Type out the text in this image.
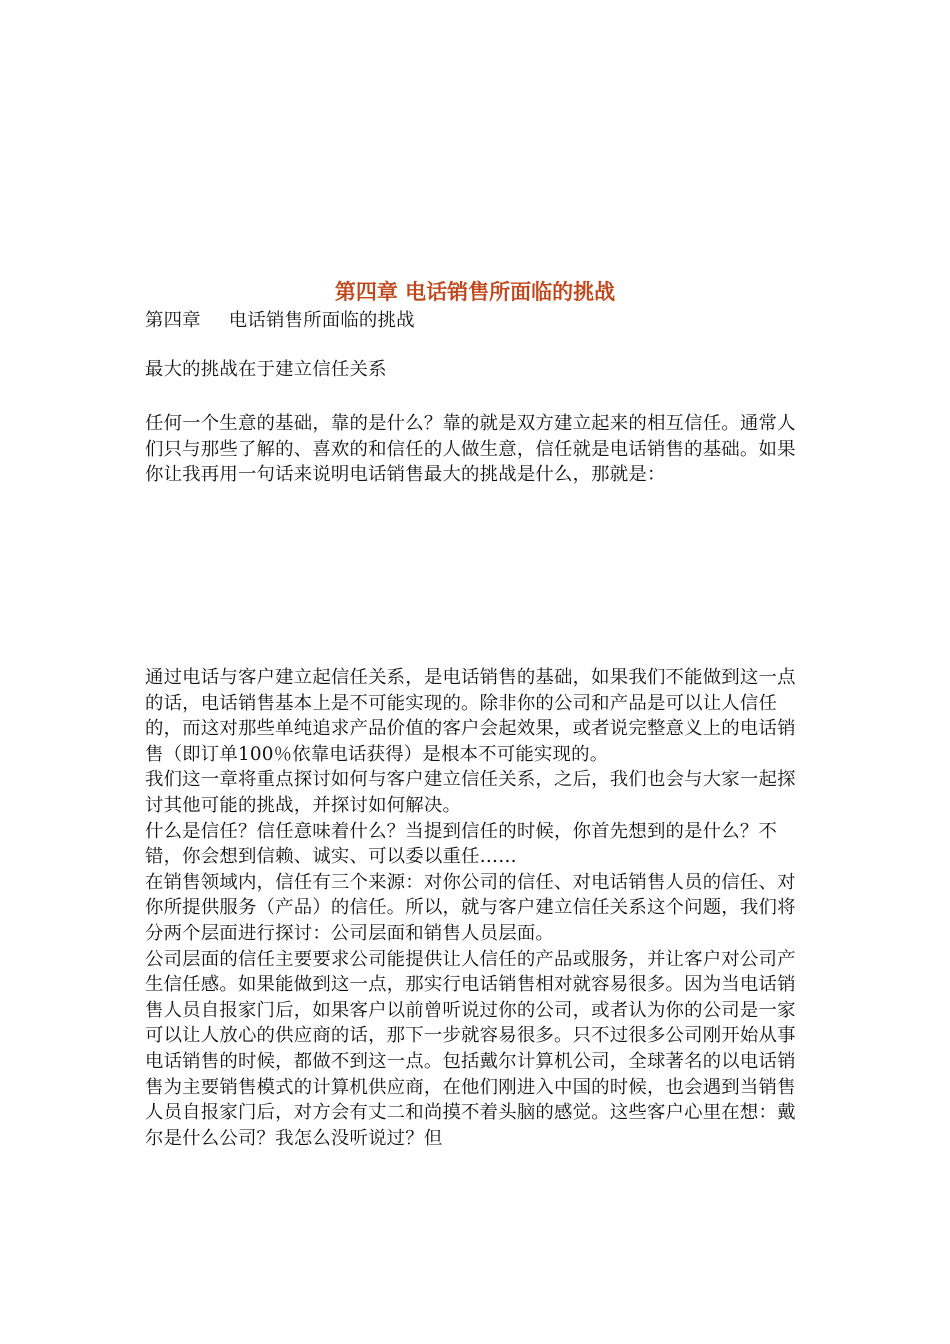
第四章 电话销售所面临的挑战
第四章 电话销售所面临的挑战

最大的挑战在于建立信任关系

任何一个生意的基础，靠的是什么？靠的就是双方建立起来的相互信任。通常人们只与那些了解的、喜欢的和信任的人做生意，信任就是电话销售的基础。如果你让我再用一句话来说明电话销售最大的挑战是什么，那就是：

通过电话与客户建立起信任关系，是电话销售的基础，如果我们不能做到这一点的话，电话销售基本上是不可能实现的。除非你的公司和产品是可以让人信任的，而这对那些单纯追求产品价值的客户会起效果，或者说完整意义上的电话销售（即订单100％依靠电话获得）是根本不可能实现的。

我们这一章将重点探讨如何与客户建立信任关系，之后，我们也会与大家一起探讨其他可能的挑战，并探讨如何解决。

什么是信任？信任意味着什么？当提到信任的时候，你首先想到的是什么？不错，你会想到信赖、诚实、可以委以重任……

在销售领域内，信任有三个来源：对你公司的信任、对电话销售人员的信任、对你所提供服务（产品）的信任。所以，就与客户建立信任关系这个问题，我们将分两个层面进行探讨：公司层面和销售人员层面。

公司层面的信任主要要求公司能提供让人信任的产品或服务，并让客户对公司产生信任感。如果能做到这一点，那实行电话销售相对就容易很多。因为当电话销售人员自报家门后，如果客户以前曾听说过你的公司，或者认为你的公司是一家可以让人放心的供应商的话，那下一步就容易很多。只不过很多公司刚开始从事电话销售的时候，都做不到这一点。包括戴尔计算机公司，全球著名的以电话销售为主要销售模式的计算机供应商，在他们刚进入中国的时候，也会遇到当销售人员自报家门后，对方会有丈二和尚摸不着头脑的感觉。这些客户心里在想：戴尔是什么公司？我怎么没听说过？但
